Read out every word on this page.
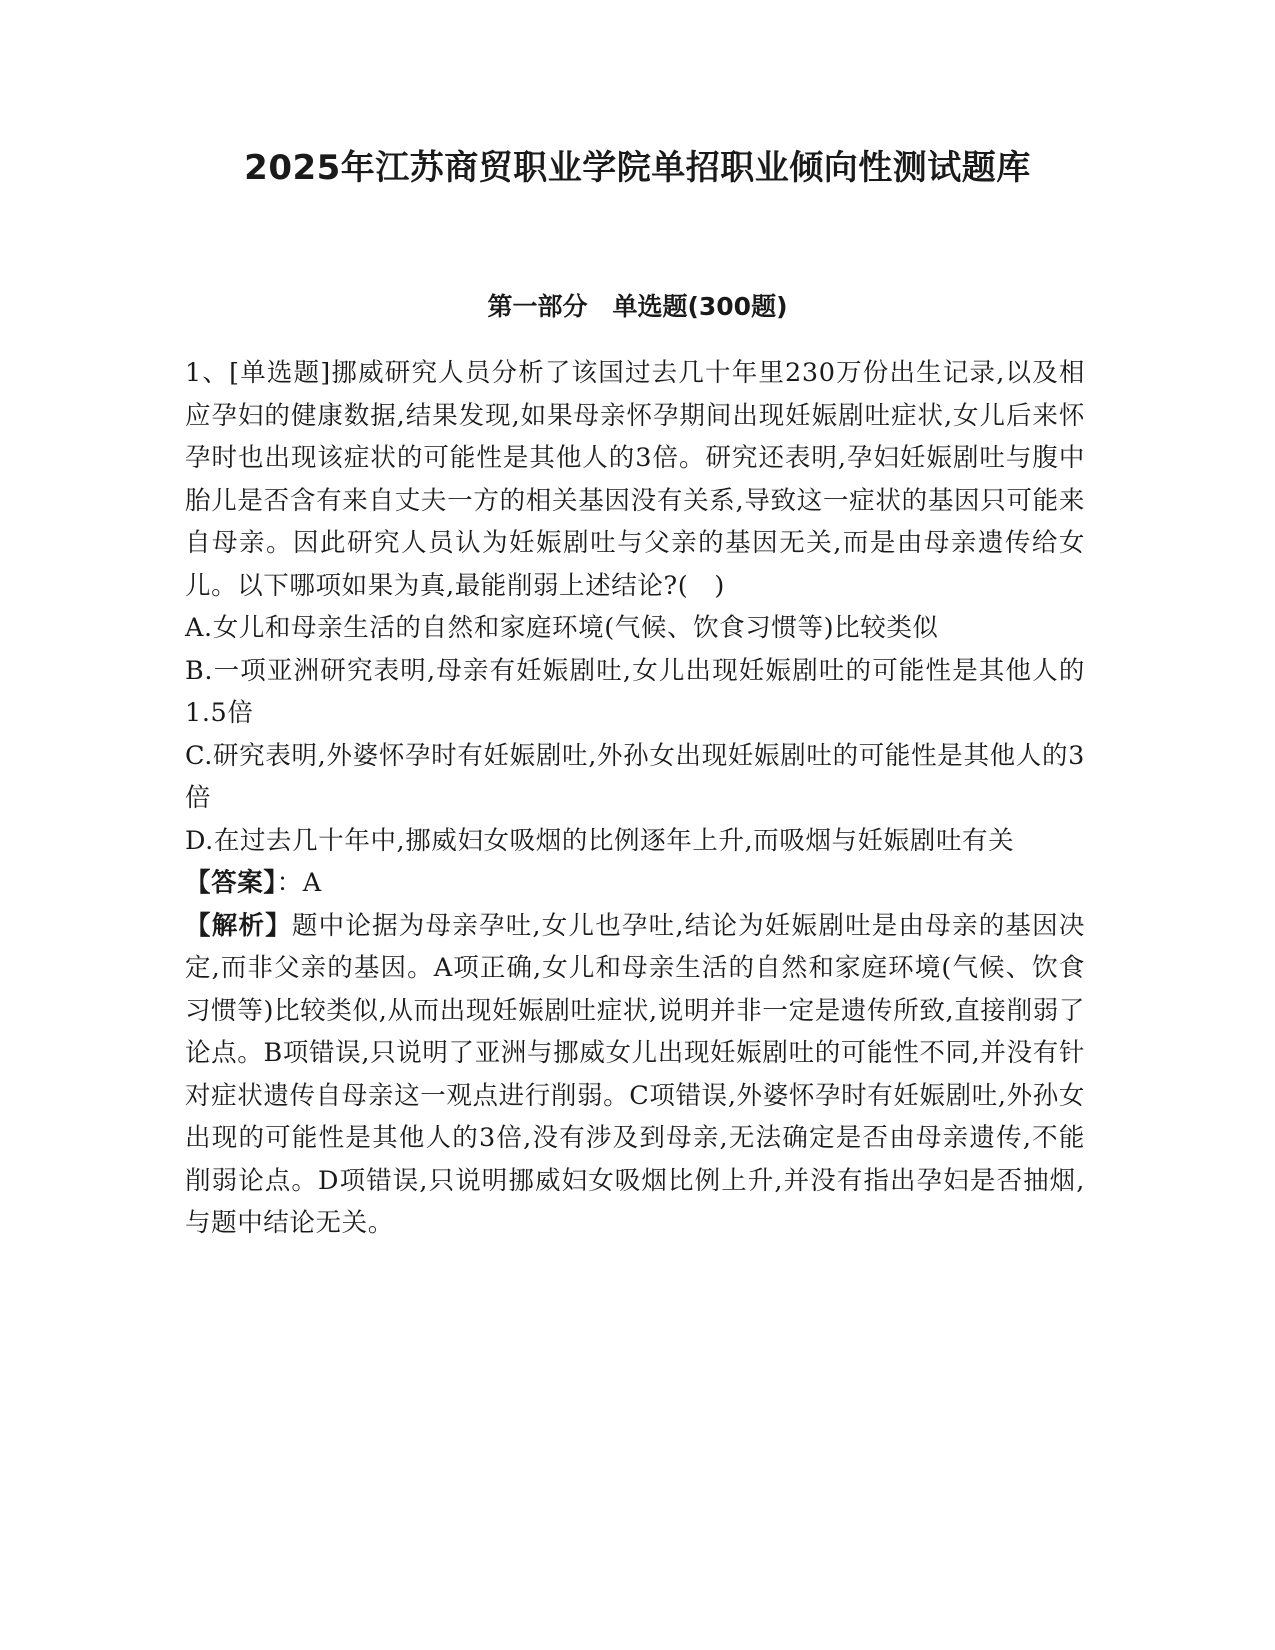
2025年江苏商贸职业学院单招职业倾向性测试题库
第一部分　单选题(300题)

1、[单选题]挪威研究人员分析了该国过去几十年里230万份出生记录,以及相应孕妇的健康数据,结果发现,如果母亲怀孕期间出现妊娠剧吐症状,女儿后来怀孕时也出现该症状的可能性是其他人的3倍。研究还表明,孕妇妊娠剧吐与腹中胎儿是否含有来自丈夫一方的相关基因没有关系,导致这一症状的基因只可能来自母亲。因此研究人员认为妊娠剧吐与父亲的基因无关,而是由母亲遗传给女儿。以下哪项如果为真,最能削弱上述结论?(　)

A.女儿和母亲生活的自然和家庭环境(气候、饮食习惯等)比较类似

B.一项亚洲研究表明,母亲有妊娠剧吐,女儿出现妊娠剧吐的可能性是其他人的1.5倍

C.研究表明,外婆怀孕时有妊娠剧吐,外孙女出现妊娠剧吐的可能性是其他人的3倍

D.在过去几十年中,挪威妇女吸烟的比例逐年上升,而吸烟与妊娠剧吐有关

【答案】：A

【解析】题中论据为母亲孕吐,女儿也孕吐,结论为妊娠剧吐是由母亲的基因决定,而非父亲的基因。A项正确,女儿和母亲生活的自然和家庭环境(气候、饮食习惯等)比较类似,从而出现妊娠剧吐症状,说明并非一定是遗传所致,直接削弱了论点。B项错误,只说明了亚洲与挪威女儿出现妊娠剧吐的可能性不同,并没有针对症状遗传自母亲这一观点进行削弱。C项错误,外婆怀孕时有妊娠剧吐,外孙女出现的可能性是其他人的3倍,没有涉及到母亲,无法确定是否由母亲遗传,不能削弱论点。D项错误,只说明挪威妇女吸烟比例上升,并没有指出孕妇是否抽烟,与题中结论无关。
